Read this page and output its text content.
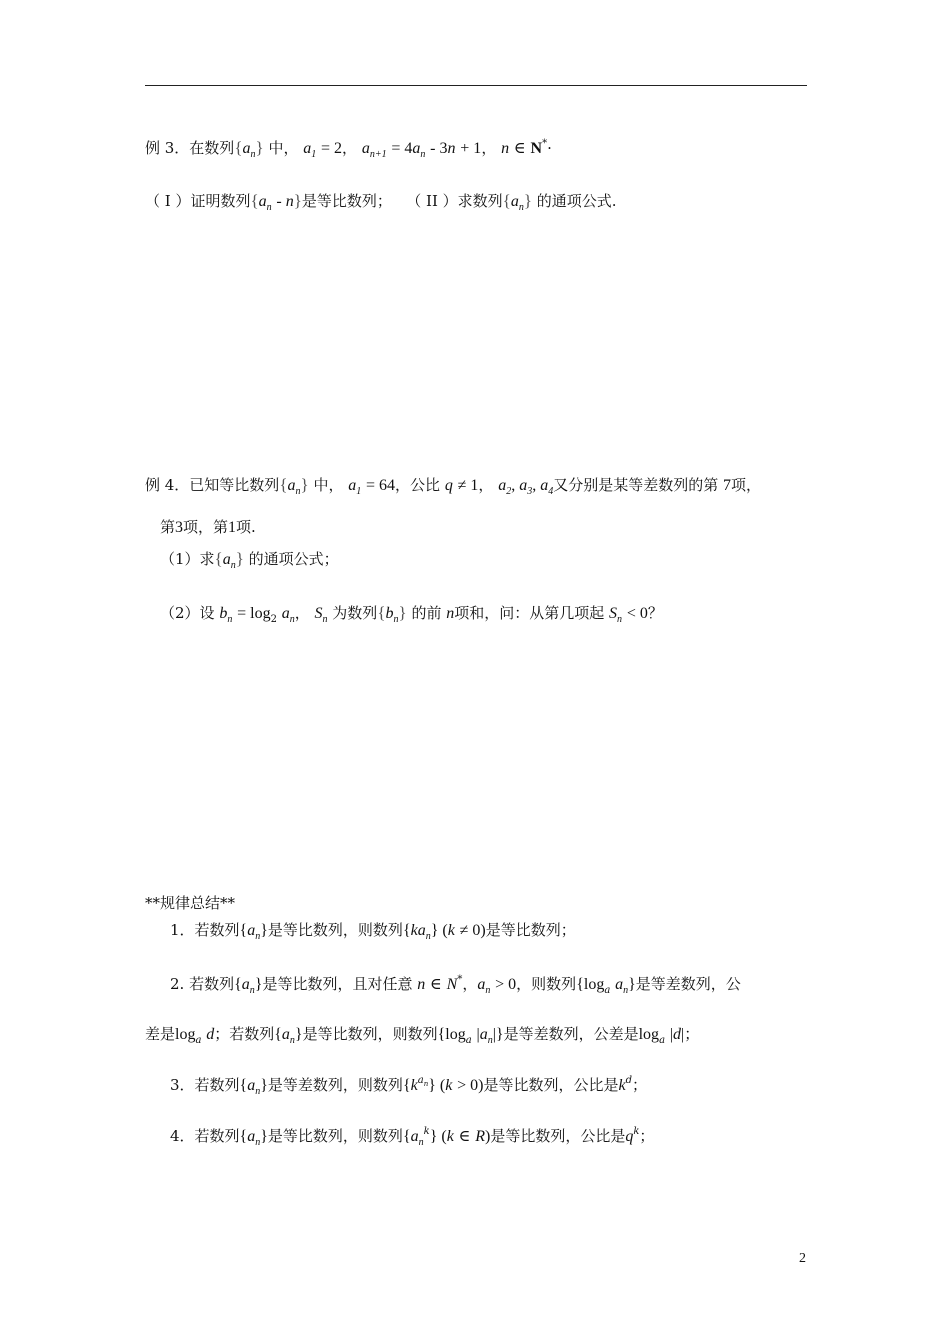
例 3．在数列$\{a_n\}$ 中， $a_1 = 2$， $a_{n+1} = 4a_n - 3n + 1$， n ∈ N*·
（ I ）证明数列$\{a_n - n\}$是等比数列； （ II ）求数列$\{a_n\}$ 的通项公式.
例 4．已知等比数列$\{a_n\}$ 中， $a_1 = 64$，公比 q ≠ 1， $a_2$, $a_3$, $a_4$又分别是某等差数列的第 7项，
第3项，第1项.
（1）求$\{a_n\}$ 的通项公式；
（2）设 $b_n = \log_2 a_n$， $S_n$ 为数列$\{b_n\}$ 的前 n项和，问：从第几项起 $S_n < 0$？
**规律总结**
1．若数列$\{a_n\}$是等比数列，则数列$\{ka_n\} (k \ne 0)$是等比数列；
2. 若数列$\{a_n\}$是等比数列，且对任意 n ∈ N*，$a_n > 0$，则数列{$\log_a$ $a_n$}是等差数列，公
差是$\log_a d$；若数列$\{a_n\}$是等比数列，则数列{$\log_a$ $|a_n|$}是等差数列，公差是$\log_a |d|$；
3．若数列$\{a_n\}$是等差数列，则数列$\{k^{a_n}\} (k > 0)$是等比数列，公比是$k^d$；
4．若数列$\{a_n\}$是等比数列，则数列$\{a_n^k\}$ (k ∈ R)是等比数列，公比是$q^k$；
2
